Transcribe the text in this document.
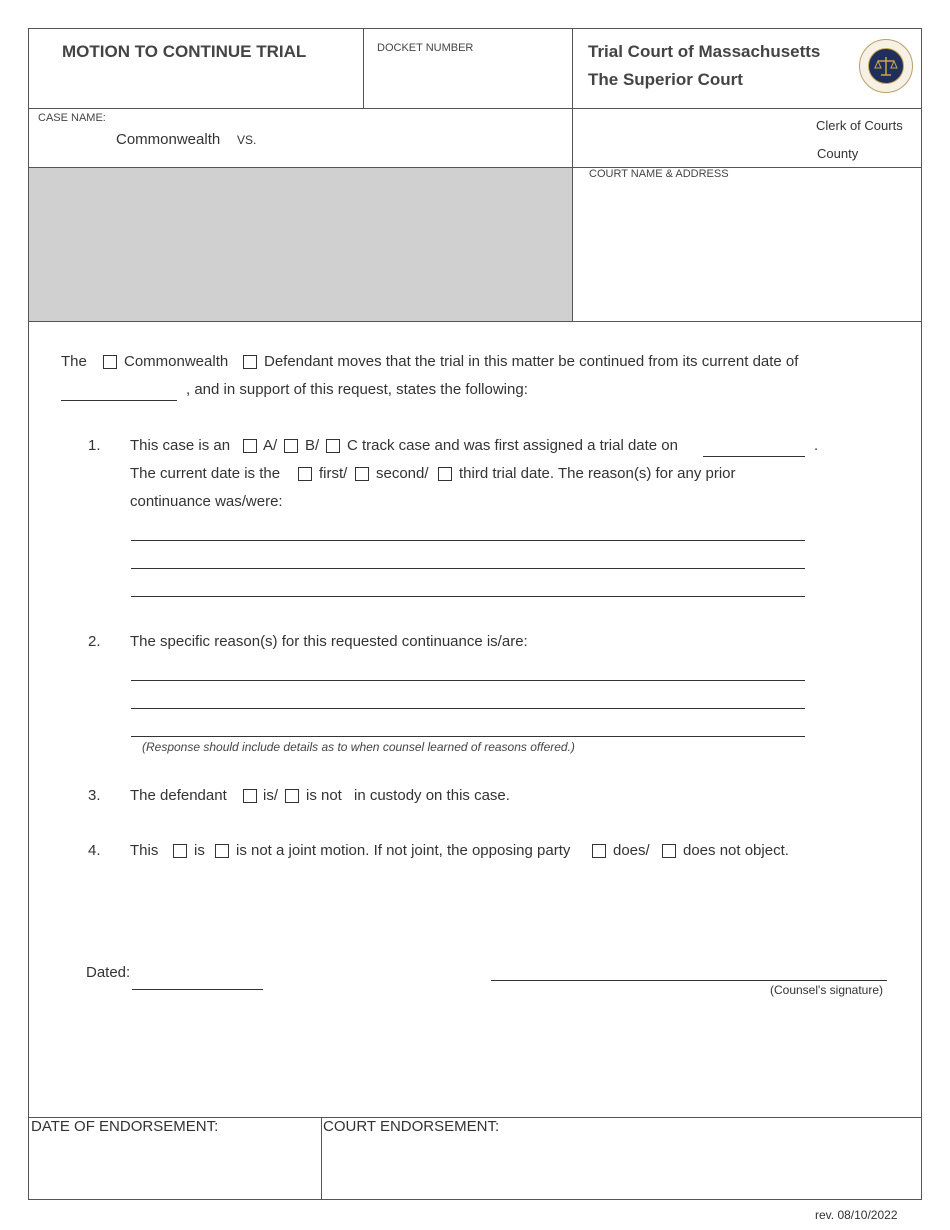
MOTION TO CONTINUE TRIAL	DOCKET NUMBER	Trial Court of Massachusetts
The Superior Court
CASE NAME:
Commonwealth VS.
Clerk of Courts
County
COURT NAME & ADDRESS
The Commonwealth Defendant moves that the trial in this matter be continued from its current date of
, and in support of this request, states the following:
1. This case is an A/ B/ C track case and was first assigned a trial date on	.
The current date is the	first/ second/ third trial date. The reason(s) for any prior
continuance was/were:
2. The specific reason(s) for this requested continuance is/are:
(Response should include details as to when counsel learned of reasons offered.)
3. The defendant is/ is not in custody on this case.
4. This is is not a joint motion. If not joint, the opposing party	does/ does not object.
Dated:
(Counsel's signature)
DATE OF ENDORSEMENT:	COURT ENDORSEMENT:
rev. 08/10/2022
